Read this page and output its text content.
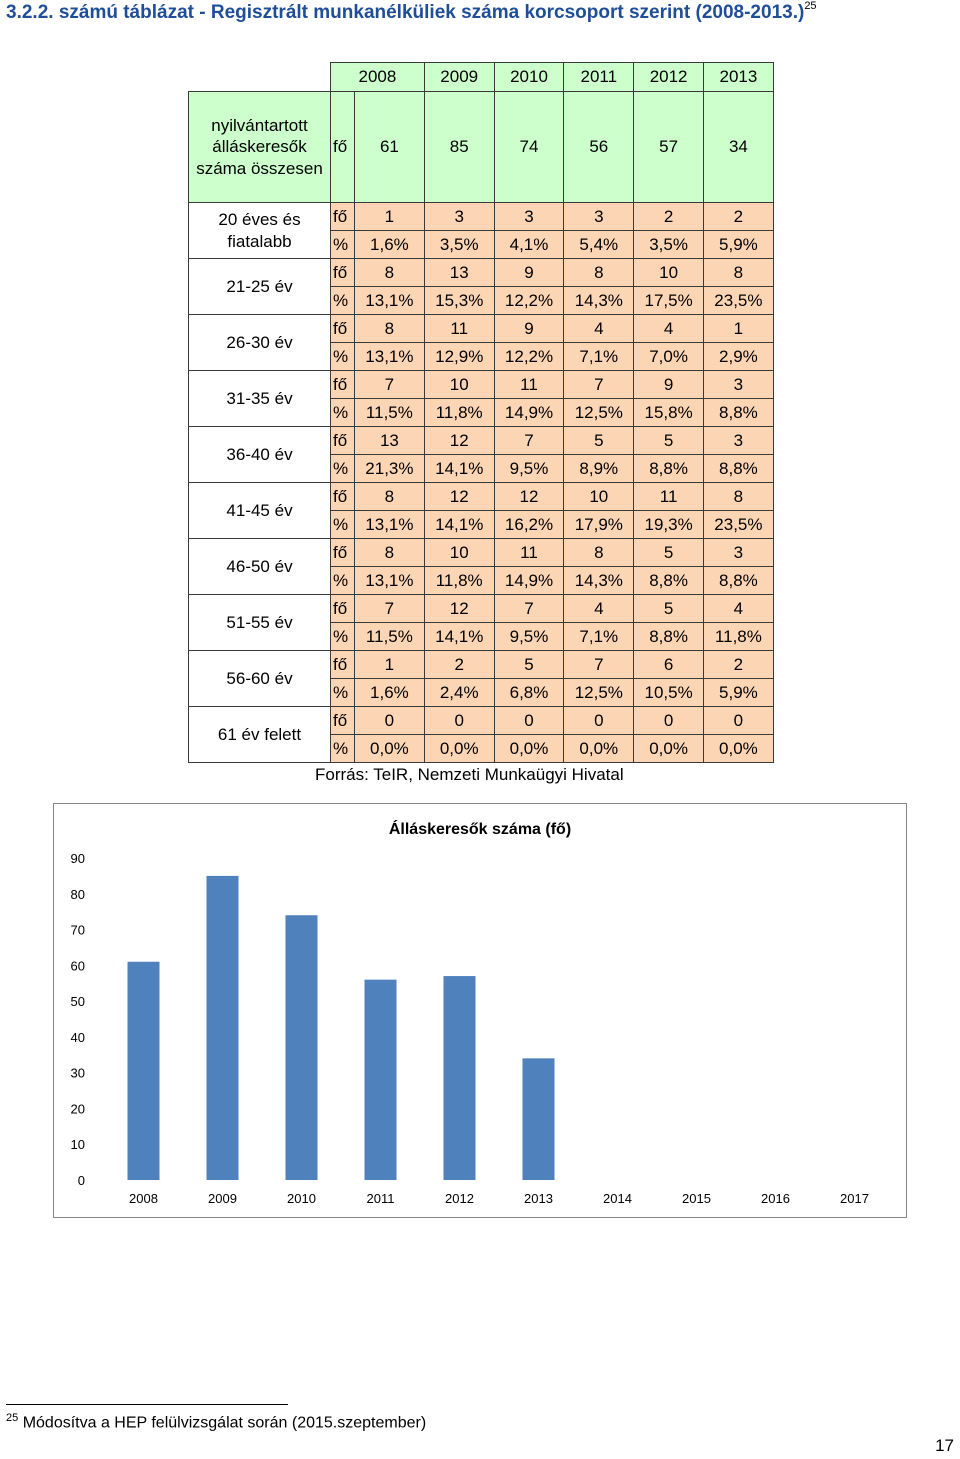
3.2.2. számú táblázat - Regisztrált munkanélküliek száma korcsoport szerint $(2008-2013.)^{25}$
	2008		2009	2010	2011	2012	2013
nyilvántartott álláskeresők száma összesen	fő	61	85	74	56	57	34
20 éves és fiatalabb	fő	1	3	3	3	2	2
	%	1,6%	3,5%	4,1%	5,4%	3,5%	5,9%
21-25 év	fő	8	13	9	8	10	8
	%	13,1%	15,3%	12,2%	14,3%	17,5%	23,5%
26-30 év	fő	8	11	9	4	4	1
	%	13,1%	12,9%	12,2%	7,1%	7,0%	2,9%
31-35 év	fő	7	10	11	7	9	3
	%	11,5%	11,8%	14,9%	12,5%	15,8%	8,8%
36-40 év	fő	13	12	7	5	5	3
	%	21,3%	14,1%	9,5%	8,9%	8,8%	8,8%
41-45 év	fő	8	12	12	10	11	8
	%	13,1%	14,1%	16,2%	17,9%	19,3%	23,5%
46-50 év	fő	8	10	11	8	5	3
	%	13,1%	11,8%	14,9%	14,3%	8,8%	8,8%
51-55 év	fő	7	12	7	4	5	4
	%	11,5%	14,1%	9,5%	7,1%	8,8%	11,8%
56-60 év	fő	1	2	5	7	6	2
	%	1,6%	2,4%	6,8%	12,5%	10,5%	5,9%
61 év felett	fő	0	0	0	0	0	0
	%	0,0%	0,0%	0,0%	0,0%	0,0%	0,0%

Forrás: TeIR, Nemzeti Munkaügyi Hivatal

Álláskeresők száma (fő)
0
10
20
30
40
50
60
70
80
90
2008	2009	2010	2011	2012	2013	2014	2015	2016	2017

$^{25}$ Módosítva a HEP felülvizsgálat során (2015.szeptember)

17
